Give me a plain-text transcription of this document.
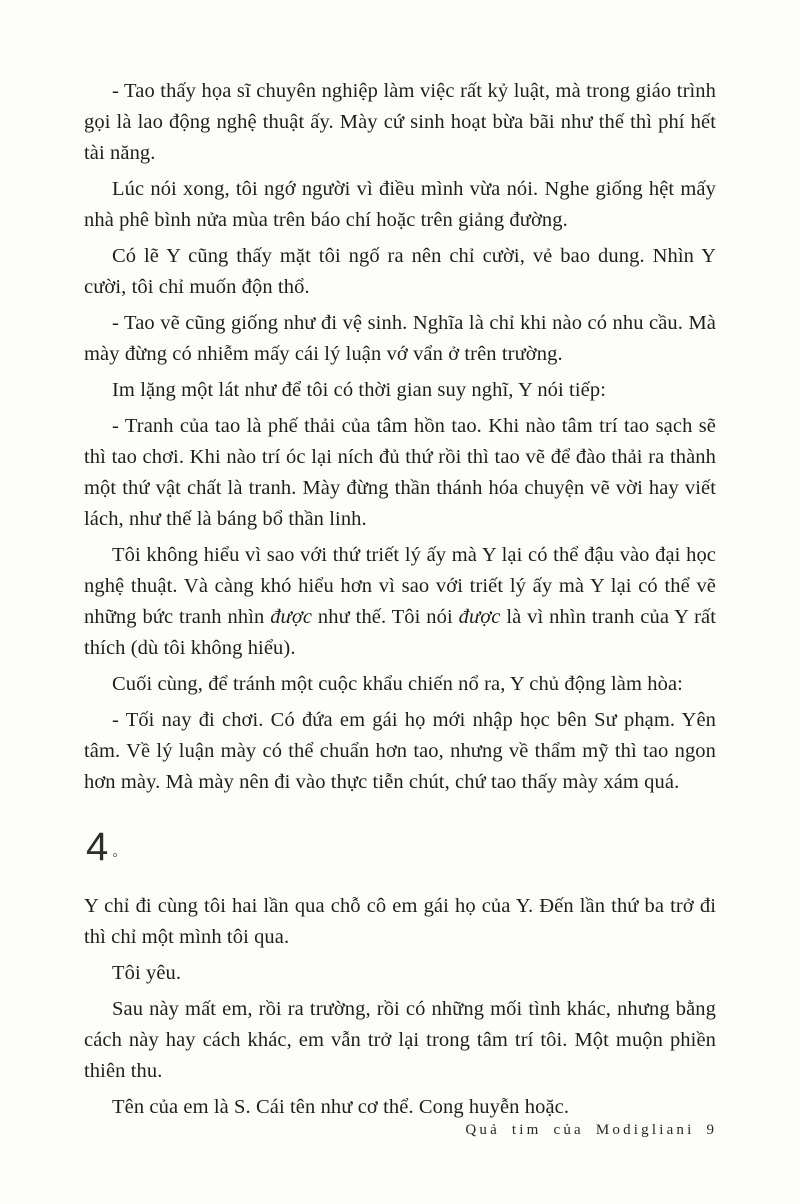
- Tao thấy họa sĩ chuyên nghiệp làm việc rất kỷ luật, mà trong giáo trình gọi là lao động nghệ thuật ấy. Mày cứ sinh hoạt bừa bãi như thế thì phí hết tài năng.

Lúc nói xong, tôi ngớ người vì điều mình vừa nói. Nghe giống hệt mấy nhà phê bình nửa mùa trên báo chí hoặc trên giảng đường.

Có lẽ Y cũng thấy mặt tôi ngố ra nên chỉ cười, vẻ bao dung. Nhìn Y cười, tôi chỉ muốn độn thổ.

- Tao vẽ cũng giống như đi vệ sinh. Nghĩa là chỉ khi nào có nhu cầu. Mà mày đừng có nhiễm mấy cái lý luận vớ vẩn ở trên trường.

Im lặng một lát như để tôi có thời gian suy nghĩ, Y nói tiếp:

- Tranh của tao là phế thải của tâm hồn tao. Khi nào tâm trí tao sạch sẽ thì tao chơi. Khi nào trí óc lại ních đủ thứ rồi thì tao vẽ để đào thải ra thành một thứ vật chất là tranh. Mày đừng thần thánh hóa chuyện vẽ vời hay viết lách, như thế là báng bổ thần linh.

Tôi không hiểu vì sao với thứ triết lý ấy mà Y lại có thể đậu vào đại học nghệ thuật. Và càng khó hiểu hơn vì sao với triết lý ấy mà Y lại có thể vẽ những bức tranh nhìn được như thế. Tôi nói được là vì nhìn tranh của Y rất thích (dù tôi không hiểu).

Cuối cùng, để tránh một cuộc khẩu chiến nổ ra, Y chủ động làm hòa:

- Tối nay đi chơi. Có đứa em gái họ mới nhập học bên Sư phạm. Yên tâm. Về lý luận mày có thể chuẩn hơn tao, nhưng về thẩm mỹ thì tao ngon hơn mày. Mà mày nên đi vào thực tiễn chút, chứ tao thấy mày xám quá.

4 ◦

Y chỉ đi cùng tôi hai lần qua chỗ cô em gái họ của Y. Đến lần thứ ba trở đi thì chỉ một mình tôi qua.

Tôi yêu.

Sau này mất em, rồi ra trường, rồi có những mối tình khác, nhưng bằng cách này hay cách khác, em vẫn trở lại trong tâm trí tôi. Một muộn phiền thiên thu.

Tên của em là S. Cái tên như cơ thể. Cong huyễn hoặc.

Quả tim của Modigliani 9
